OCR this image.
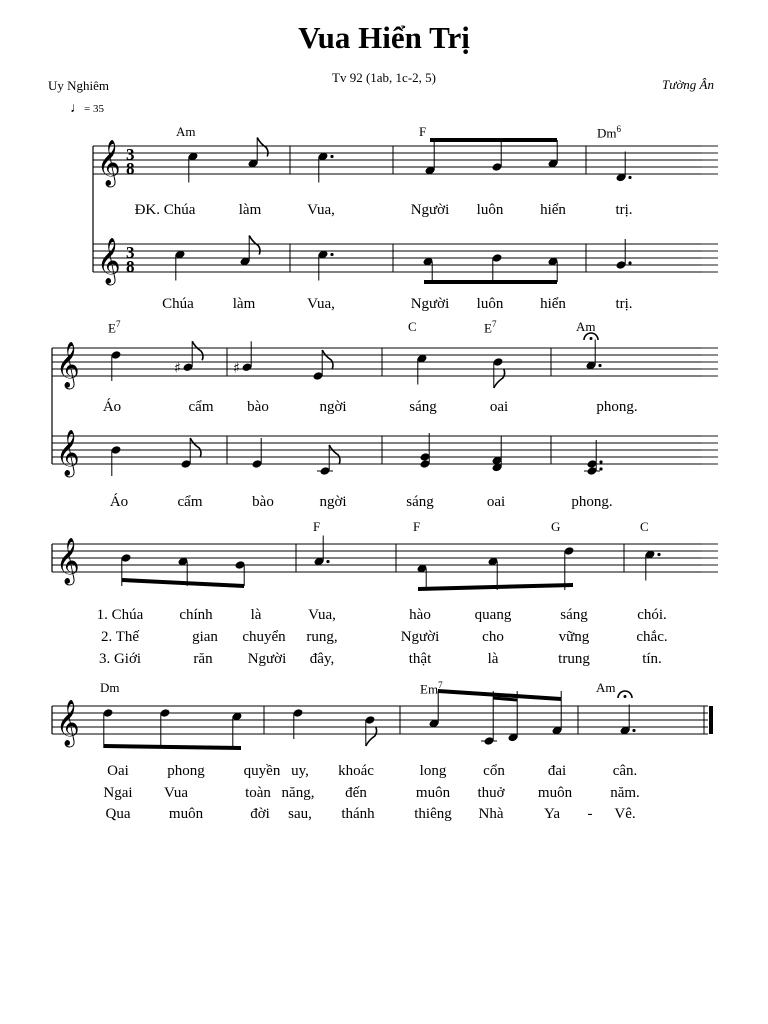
Vua Hiển Trị
Tv 92 (1ab, 1c-2, 5)
Uy Nghiêm	Tường Ân
♩= 35
𝄞
𝄞
3
8
3
8
𝄞
𝄞
♯	♯
𝄞
𝄞
Am	F	Dm$^6$
ĐK. Chúa	làm	Vua,	Người luôn hiển	trị.
Chúa	làm	Vua,	Người luôn hiển	trị.
$E^7$	C	$E^7$	Am
Áo	cẩm bào	ngời	sáng	oai	phong.
Áo	cẩm	bào	ngời	sáng	oai	phong.
F	F	G	C
1. Chúa chính	là	Vua,	hào	quang	sáng	chói.
2. Thế	gian chuyển rung,	Người	cho	vững	chắc.
3. Giới	răn Người đây,	thật	là	trung	tín.
Dm	Em$^7$	Am
Oai	phong	quyền uy, khoác	long cổn	đai	cân.
Ngai Vua	toàn năng, đến	muôn thuở muôn	năm.
Qua	muôn	đời sau, thánh	thiêng Nhà	Ya - Vê.
